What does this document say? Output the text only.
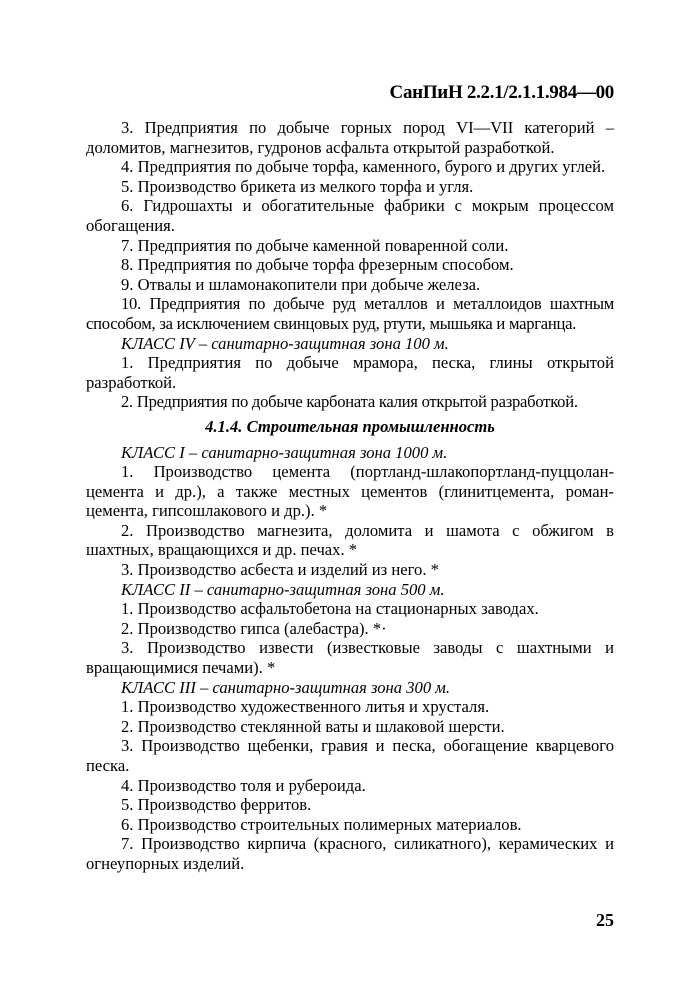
СанПиН 2.2.1/2.1.1.984—00

3. Предприятия по добыче горных пород VI—VII категорий – доломитов, магнезитов, гудронов асфальта открытой разработкой.

4. Предприятия по добыче торфа, каменного, бурого и других углей.

5. Производство брикета из мелкого торфа и угля.

6. Гидрошахты и обогатительные фабрики с мокрым процессом обогащения.

7. Предприятия по добыче каменной поваренной соли.

8. Предприятия по добыче торфа фрезерным способом.

9. Отвалы и шламонакопители при добыче железа.

10. Предприятия по добыче руд металлов и металлоидов шахтным способом, за исключением свинцовых руд, ртути, мышьяка и марганца.

КЛАСС IV – санитарно-защитная зона 100 м.

1. Предприятия по добыче мрамора, песка, глины открытой разработкой.

2. Предприятия по добыче карбоната калия открытой разработкой.

4.1.4. Строительная промышленность

КЛАСС I – санитарно-защитная зона 1000 м.

1. Производство цемента (портланд-шлакопортланд-пуццолан-цемента и др.), а также местных цементов (глинитцемента, роман-цемента, гипсошлакового и др.). *

2. Производство магнезита, доломита и шамота с обжигом в шахтных, вращающихся и др. печах. *

3. Производство асбеста и изделий из него. *

КЛАСС II – санитарно-защитная зона 500 м.

1. Производство асфальтобетона на стационарных заводах.

2. Производство гипса (алебастра). *·

3. Производство извести (известковые заводы с шахтными и вращающимися печами). *

КЛАСС III – санитарно-защитная зона 300 м.

1. Производство художественного литья и хрусталя.

2. Производство стеклянной ваты и шлаковой шерсти.

3. Производство щебенки, гравия и песка, обогащение кварцевого песка.

4. Производство толя и рубероида.

5. Производство ферритов.

6. Производство строительных полимерных материалов.

7. Производство кирпича (красного, силикатного), керамических и огнеупорных изделий.

25
